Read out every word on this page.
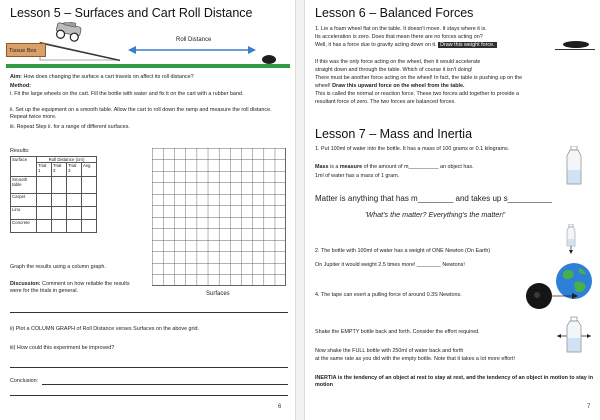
Lesson 5 – Surfaces and Cart Roll Distance
Tissue Box
Roll Distance
Aim: How does changing the surface a cart travels on affect its roll distance?
Method:
i. Fit the large wheels on the cart. Fill the bottle with water and fix it on the cart with a rubber band.
ii. Set up the equipment on a smooth table. Allow the cart to roll down the ramp and measure the roll distance. Repeat twice more.
iii. Repeat Step ii. for a range of different surfaces.
Results:
Surface	Roll Distance (cm)			
	Trial 1	Trial 2	Trial 3	Avg
Smooth table				
Carpet				
Lino				
Concrete				
Graph the results using a column graph.
Discussion: Comment on how reliable the results were for the trials in general.	Surfaces
ii) Plot a COLUMN GRAPH of Roll Distance verses Surfaces on the above grid.
iii) How could this experiment be improved?
Conclusion:
6
Lesson 6 – Balanced Forces
1. Lie a foam wheel flat on the table. It doesn't move. It stays where it is.
Its acceleration is zero. Does that mean there are no forces acting on?
Well, it has a force due to gravity acting down on it. Draw this weight force.
If this was the only force acting on the wheel, then it would accelerate
straight down and through the table. Which of course it isn't doing!
There must be another force acting on the wheel! In fact, the table is pushing up on the
wheel! Draw this upward force on the wheel from the table.
This is called the normal or reaction force. These two forces add together to provide a
resultant force of zero. The two forces are balanced forces.
Lesson 7 – Mass and Inertia
1. Put 100ml of water into the bottle. It has a mass of 100 grams or 0.1 kilograms.
Mass is a measure of the amount of m__________ an object has.
1ml of water has a mass of 1 gram.
Matter is anything that has m________ and takes up s__________
'What's the matter? Everything's the matter!'
2. The bottle with 100ml of water has a weight of ONE Newton (On Earth)
On Jupiter it would weight 2.5 times more! ________ Newtons!
4. The tape can exert a pulling force of around 0.3S Newtons.
Shake the EMPTY bottle back and forth. Consider the effort required.
Now shake the FULL bottle with 250ml of water back and forth
at the same rate as you did with the empty bottle. Note that it takes a lot more effort!
INERTIA is the tendency of an object at rest to stay at rest, and the tendency of an object in motion to stay in motion
7
